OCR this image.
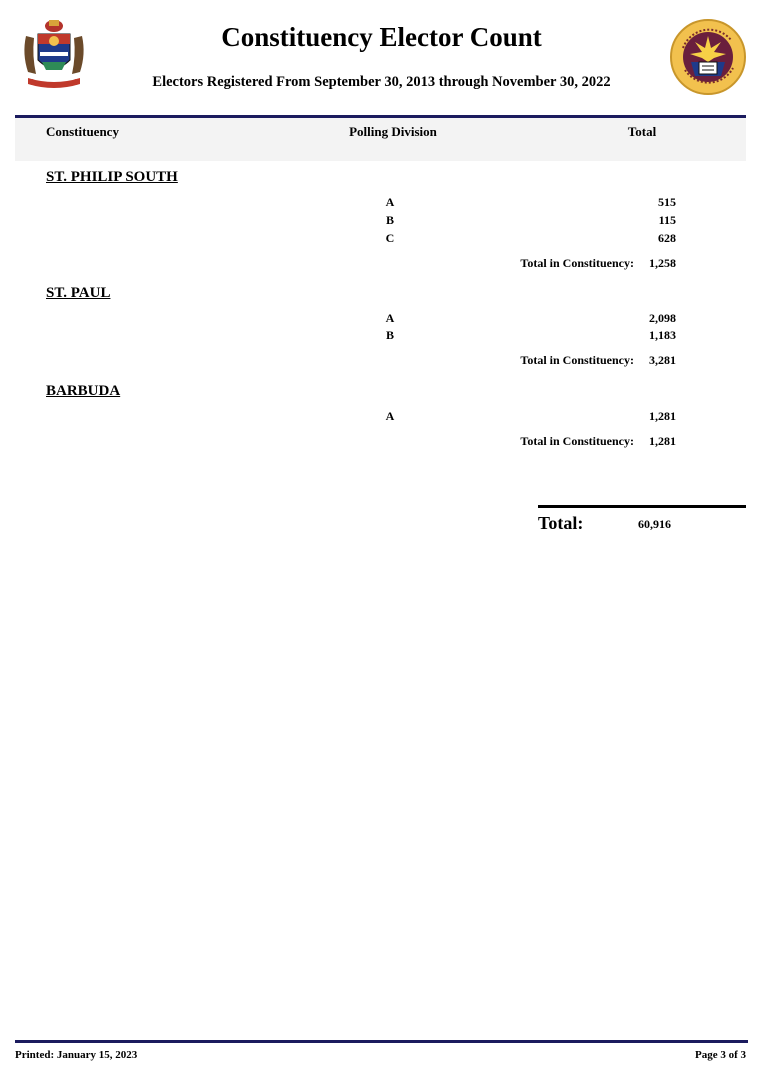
Constituency Elector Count
Electors Registered From September 30, 2013 through November 30, 2022
Constituency	Polling Division	Total
ST. PHILIP SOUTH
A	515
B	115
C	628
Total in Constituency:	1,258
ST. PAUL
A	2,098
B	1,183
Total in Constituency:	3,281
BARBUDA
A	1,281
Total in Constituency:	1,281
Total:	60,916
Printed: January 15, 2023	Page 3 of 3
